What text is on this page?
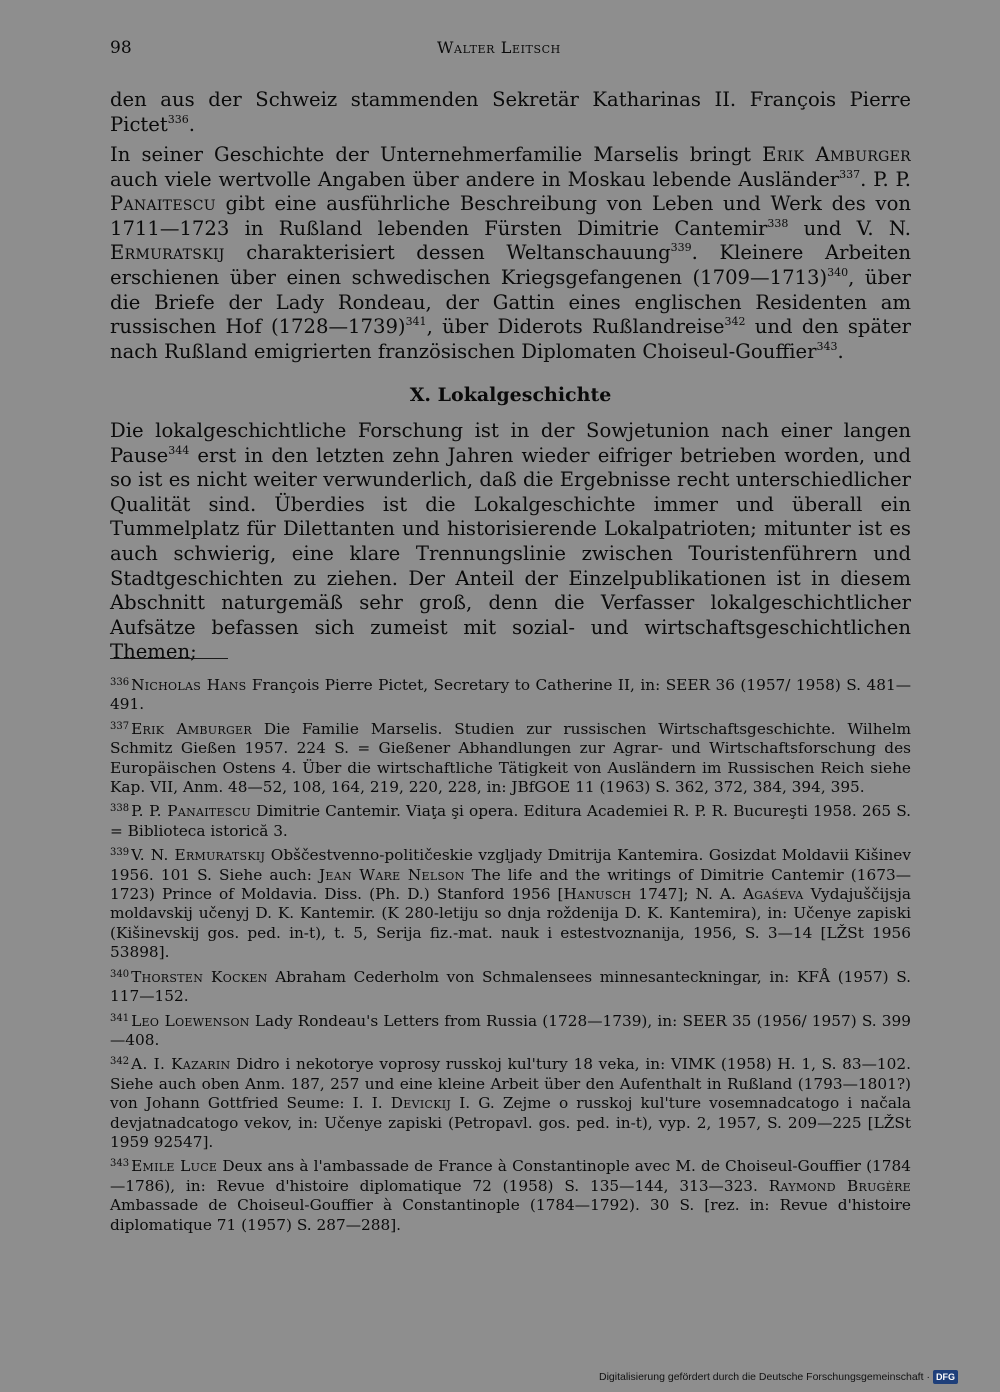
98	Walter Leitsch

den aus der Schweiz stammenden Sekretär Katharinas II. François Pierre Pictet$^{336}$.

In seiner Geschichte der Unternehmerfamilie Marselis bringt Erik Amburger auch viele wertvolle Angaben über andere in Moskau lebende Ausländer$^{337}$. P. P. Panaitescu gibt eine ausführliche Beschreibung von Leben und Werk des von 1711—1723 in Rußland lebenden Fürsten Dimitrie Cantemir$^{338}$ und V. N. Ermuratskij charakterisiert dessen Weltanschauung$^{339}$. Kleinere Arbeiten erschienen über einen schwedischen Kriegsgefangenen (1709—1713)$^{340}$, über die Briefe der Lady Rondeau, der Gattin eines englischen Residenten am russischen Hof (1728—1739)$^{341}$, über Diderots Rußlandreise$^{342}$ und den später nach Rußland emigrierten französischen Diplomaten Choiseul-Gouffier$^{343}$.

X. Lokalgeschichte

Die lokalgeschichtliche Forschung ist in der Sowjetunion nach einer langen Pause$^{344}$ erst in den letzten zehn Jahren wieder eifriger betrieben worden, und so ist es nicht weiter verwunderlich, daß die Ergebnisse recht unterschiedlicher Qualität sind. Überdies ist die Lokalgeschichte immer und überall ein Tummelplatz für Dilettanten und historisierende Lokalpatrioten; mitunter ist es auch schwierig, eine klare Trennungslinie zwischen Touristenführern und Stadtgeschichten zu ziehen. Der Anteil der Einzelpublikationen ist in diesem Abschnitt naturgemäß sehr groß, denn die Verfasser lokalgeschichtlicher Aufsätze befassen sich zumeist mit sozial- und wirtschaftsgeschichtlichen Themen;

$^{336}$ Nicholas Hans François Pierre Pictet, Secretary to Catherine II, in: SEER 36 (1957/ 1958) S. 481—491.

$^{337}$ Erik Amburger Die Familie Marselis. Studien zur russischen Wirtschaftsgeschichte. Wilhelm Schmitz Gießen 1957. 224 S. = Gießener Abhandlungen zur Agrar- und Wirtschaftsforschung des Europäischen Ostens 4. Über die wirtschaftliche Tätigkeit von Ausländern im Russischen Reich siehe Kap. VII, Anm. 48—52, 108, 164, 219, 220, 228, in: JBfGOE 11 (1963) S. 362, 372, 384, 394, 395.

$^{338}$ P. P. Panaitescu Dimitrie Cantemir. Viaţa şi opera. Editura Academiei R. P. R. Bucureşti 1958. 265 S. = Biblioteca istorică 3.

$^{339}$ V. N. Ermuratskij Obščestvenno-političeskie vzgljady Dmitrija Kantemira. Gosizdat Moldavii Kišinev 1956. 101 S. Siehe auch: Jean Ware Nelson The life and the writings of Dimitrie Cantemir (1673—1723) Prince of Moldavia. Diss. (Ph. D.) Stanford 1956 [Hanusch 1747]; N. A. Agaśeva Vydajuščijsja moldavskij učenyj D. K. Kantemir. (K 280-letiju so dnja roždenija D. K. Kantemira), in: Učenye zapiski (Kišinevskij gos. ped. in-t), t. 5, Serija fiz.-mat. nauk i estestvoznanija, 1956, S. 3—14 [LŽSt 1956 53898].

$^{340}$ Thorsten Kocken Abraham Cederholm von Schmalensees minnesanteckningar, in: KFÅ (1957) S. 117—152.

$^{341}$ Leo Loewenson Lady Rondeau's Letters from Russia (1728—1739), in: SEER 35 (1956/ 1957) S. 399—408.

$^{342}$ A. I. Kazarin Didro i nekotorye voprosy russkoj kul'tury 18 veka, in: VIMK (1958) H. 1, S. 83—102. Siehe auch oben Anm. 187, 257 und eine kleine Arbeit über den Aufenthalt in Rußland (1793—1801?) von Johann Gottfried Seume: I. I. Devickij I. G. Zejme o russkoj kul'ture vosemnadcatogo i načala devjatnadcatogo vekov, in: Učenye zapiski (Petropavl. gos. ped. in-t), vyp. 2, 1957, S. 209—225 [LŽSt 1959 92547].

$^{343}$ Emile Luce Deux ans à l'ambassade de France à Constantinople avec M. de Choiseul-Gouffier (1784—1786), in: Revue d'histoire diplomatique 72 (1958) S. 135—144, 313—323. Raymond Brugère Ambassade de Choiseul-Gouffier à Constantinople (1784—1792). 30 S. [rez. in: Revue d'histoire diplomatique 71 (1957) S. 287—288].

Digitalisierung gefördert durch die Deutsche Forschungsgemeinschaft · DFG
